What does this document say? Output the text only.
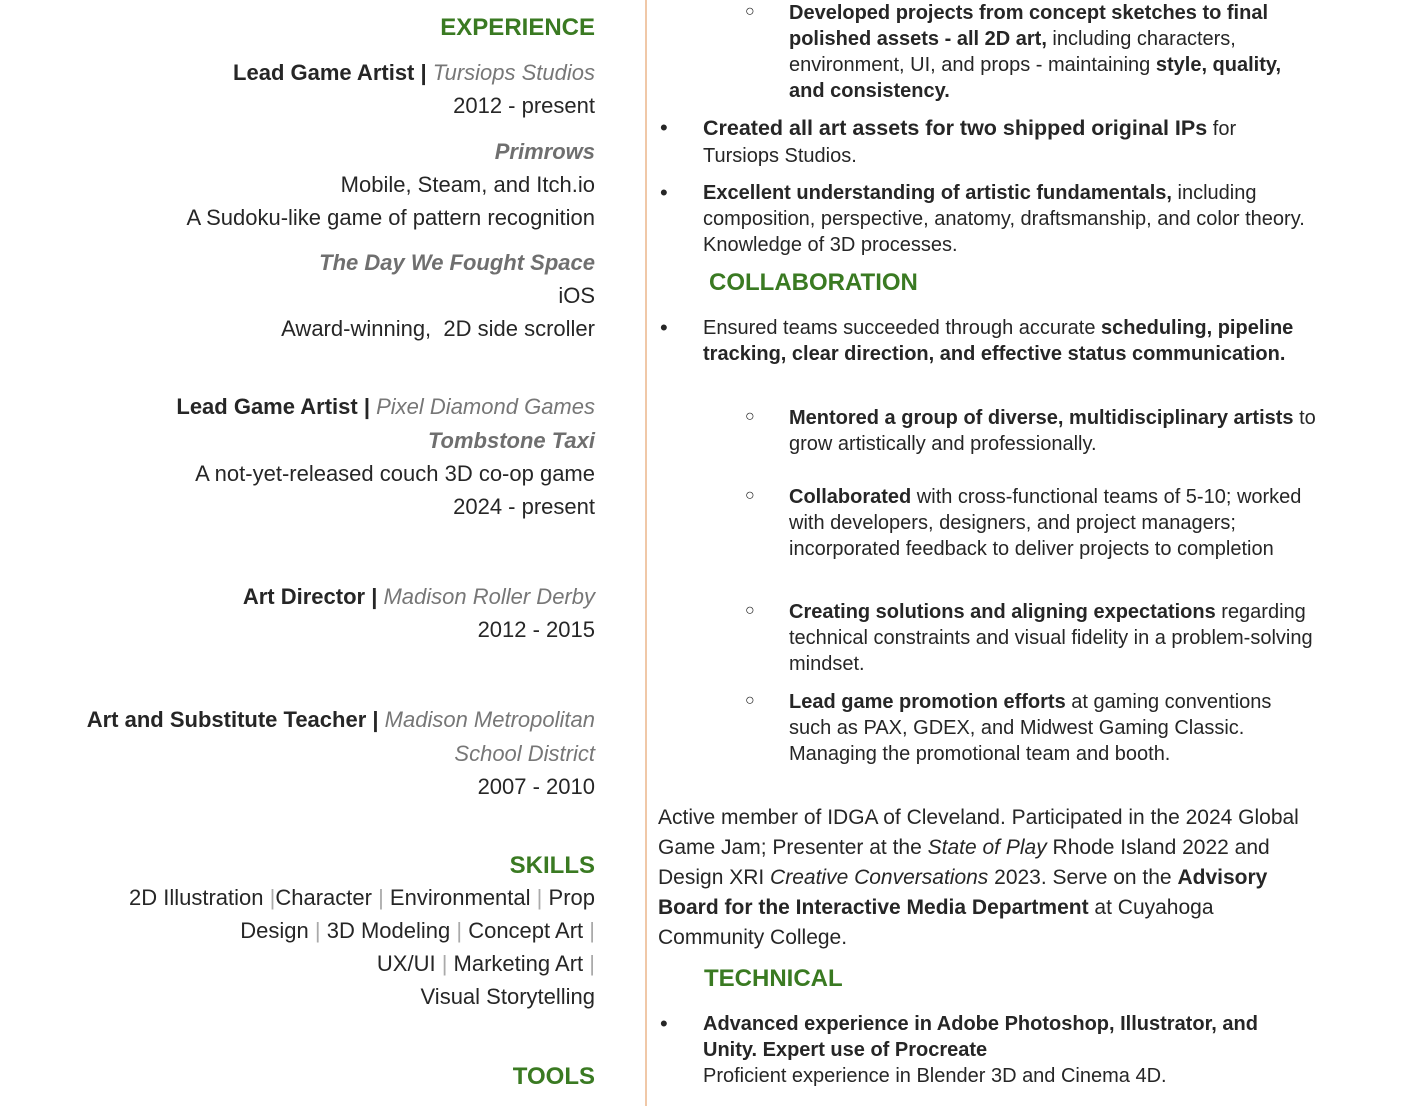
EXPERIENCE
Lead Game Artist | Tursiops Studios
2012 - present
Primrows
Mobile, Steam, and Itch.io
A Sudoku-like game of pattern recognition
The Day We Fought Space
iOS
Award-winning,  2D side scroller
Lead Game Artist | Pixel Diamond Games
Tombstone Taxi
A not-yet-released couch 3D co-op game
2024 - present
Art Director | Madison Roller Derby
2012 - 2015
Art and Substitute Teacher | Madison Metropolitan
School District
2007 - 2010
SKILLS
2D Illustration |Character | Environmental | Prop
Design | 3D Modeling | Concept Art |
UX/UI | Marketing Art |
Visual Storytelling
TOOLS
○ Developed projects from concept sketches to final polished assets - all 2D art, including characters, environment, UI, and props - maintaining style, quality, and consistency.
• Created all art assets for two shipped original IPs for Tursiops Studios.
• Excellent understanding of artistic fundamentals, including composition, perspective, anatomy, draftsmanship, and color theory. Knowledge of 3D processes.
COLLABORATION
• Ensured teams succeeded through accurate scheduling, pipeline tracking, clear direction, and effective status communication.
○ Mentored a group of diverse, multidisciplinary artists to grow artistically and professionally.
○ Collaborated with cross-functional teams of 5-10; worked with developers, designers, and project managers; incorporated feedback to deliver projects to completion
○ Creating solutions and aligning expectations regarding technical constraints and visual fidelity in a problem-solving mindset.
○ Lead game promotion efforts at gaming conventions such as PAX, GDEX, and Midwest Gaming Classic. Managing the promotional team and booth.
Active member of IDGA of Cleveland. Participated in the 2024 Global Game Jam; Presenter at the State of Play Rhode Island 2022 and Design XRI Creative Conversations 2023. Serve on the Advisory Board for the Interactive Media Department at Cuyahoga Community College.
TECHNICAL
• Advanced experience in Adobe Photoshop, Illustrator, and Unity. Expert use of Procreate
Proficient experience in Blender 3D and Cinema 4D.
